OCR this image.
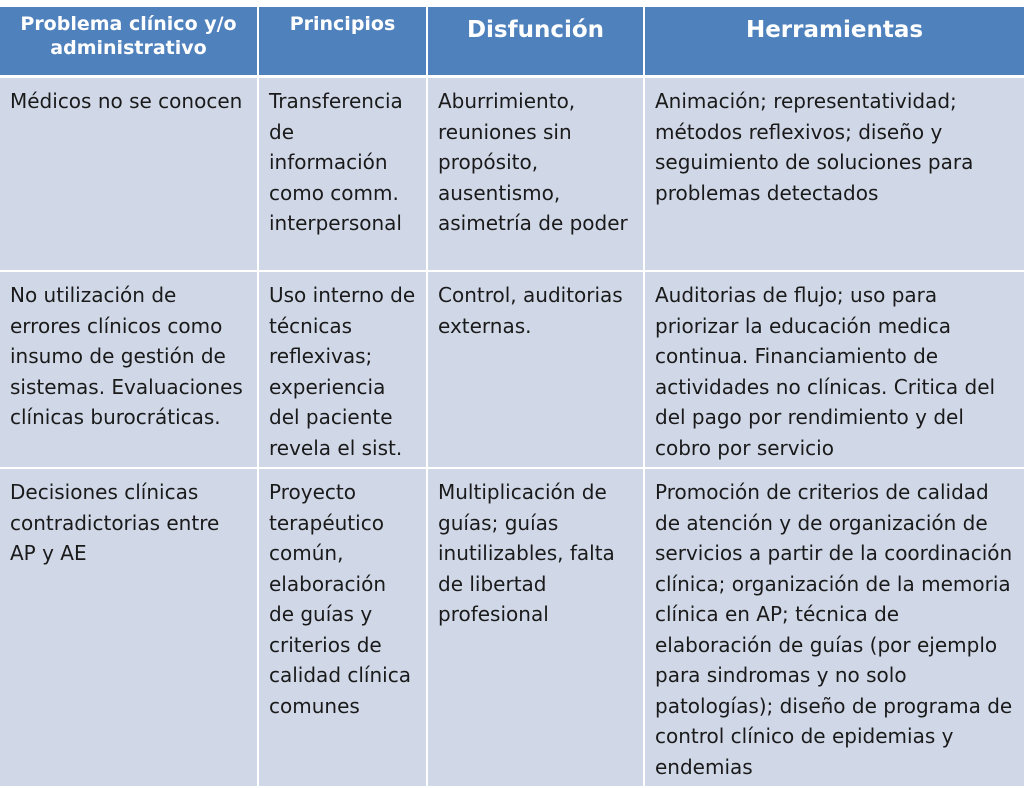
Problema clínico y/o administrativo	Principios	Disfunción	Herramientas
Médicos no se conocen	Transferencia de información como comm. interpersonal	Aburrimiento, reuniones sin propósito, ausentismo, asimetría de poder	Animación; representatividad; métodos reflexivos; diseño y seguimiento de soluciones para problemas detectados
No utilización de errores clínicos como insumo de gestión de sistemas. Evaluaciones clínicas burocráticas.	Uso interno de técnicas reflexivas; experiencia del paciente revela el sist.	Control, auditorias externas.	Auditorias de flujo; uso para priorizar la educación medica continua. Financiamiento de actividades no clínicas. Critica del del pago por rendimiento y del cobro por servicio
Decisiones clínicas contradictorias entre AP y AE	Proyecto terapéutico común, elaboración de guías y criterios de calidad clínica comunes	Multiplicación de guías; guías inutilizables, falta de libertad profesional	Promoción de criterios de calidad de atención y de organización de servicios a partir de la coordinación clínica; organización de la memoria clínica en AP; técnica de elaboración de guías (por ejemplo para sindromas y no solo patologías); diseño de programa de control clínico de epidemias y endemias
